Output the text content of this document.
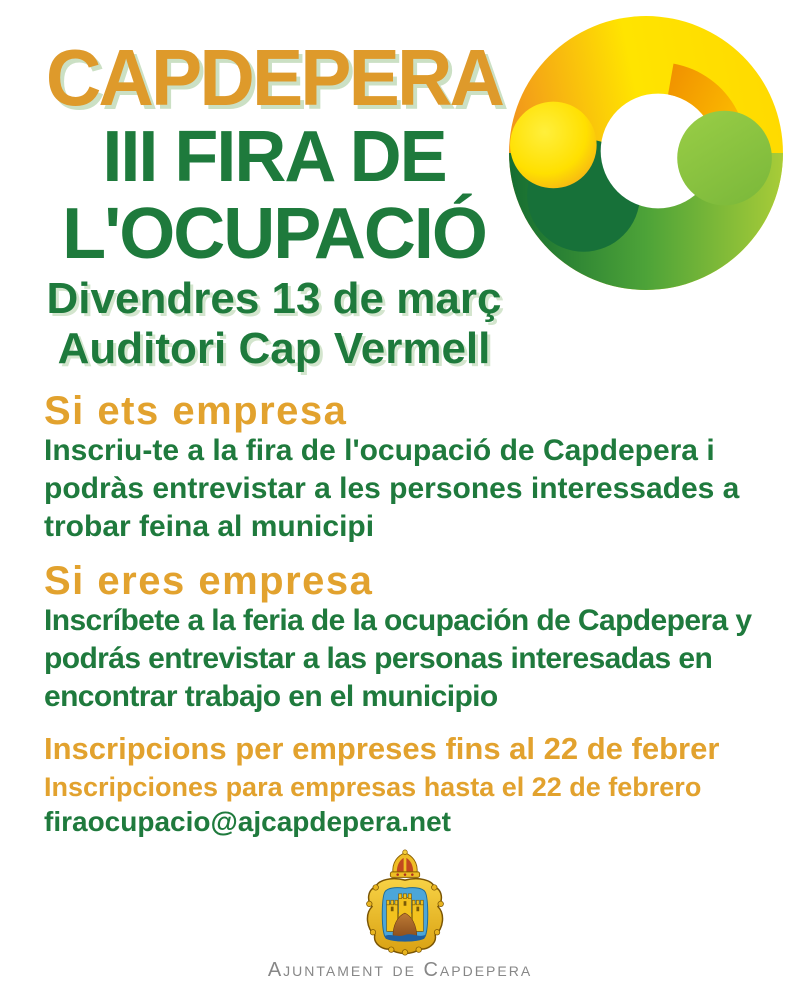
CAPDEPERA
III FIRA DE
L'OCUPACIÓ
Divendres 13 de març
Auditori Cap Vermell
Si ets empresa
Inscriu-te a la fira de l'ocupació de Capdepera i
podràs entrevistar a les persones interessades a
trobar feina al municipi
Si eres empresa
Inscríbete a la feria de la ocupación de Capdepera y
podrás entrevistar a las personas interesadas en
encontrar trabajo en el municipio
Inscripcions per empreses fins al 22 de febrer
Inscripciones para empresas hasta el 22 de febrero
firaocupacio@ajcapdepera.net
Ajuntament de Capdepera
